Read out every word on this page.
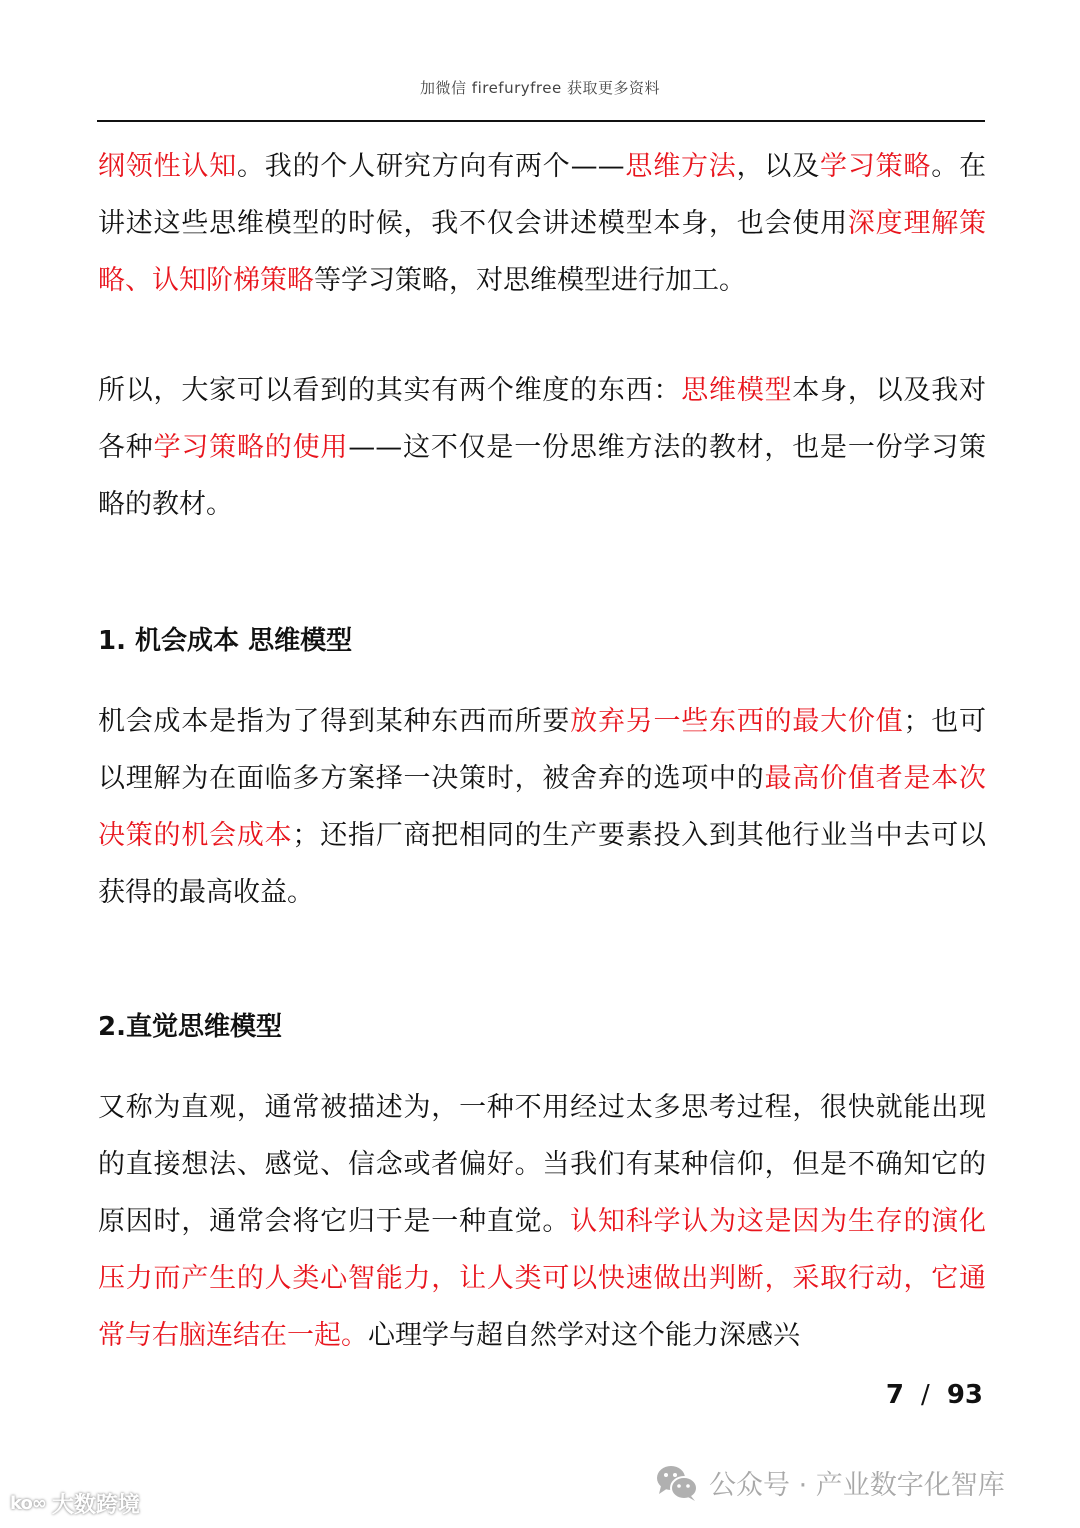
加微信 firefuryfree 获取更多资料

纲领性认知。我的个人研究方向有两个——思维方法，以及学习策略。在讲述这些思维模型的时候，我不仅会讲述模型本身，也会使用深度理解策略、认知阶梯策略等学习策略，对思维模型进行加工。

所以，大家可以看到的其实有两个维度的东西：思维模型本身，以及我对各种学习策略的使用——这不仅是一份思维方法的教材，也是一份学习策略的教材。

1. 机会成本 思维模型

机会成本是指为了得到某种东西而所要放弃另一些东西的最大价值；也可以理解为在面临多方案择一决策时，被舍弃的选项中的最高价值者是本次决策的机会成本；还指厂商把相同的生产要素投入到其他行业当中去可以获得的最高收益。

2.直觉思维模型

又称为直观，通常被描述为，一种不用经过太多思考过程，很快就能出现的直接想法、感觉、信念或者偏好。当我们有某种信仰，但是不确知它的原因时，通常会将它归于是一种直觉。认知科学认为这是因为生存的演化压力而产生的人类心智能力，让人类可以快速做出判断，采取行动，它通常与右脑连结在一起。心理学与超自然学对这个能力深感兴

7 / 93
ko∞ 大数跨境
公众号 · 产业数字化智库
